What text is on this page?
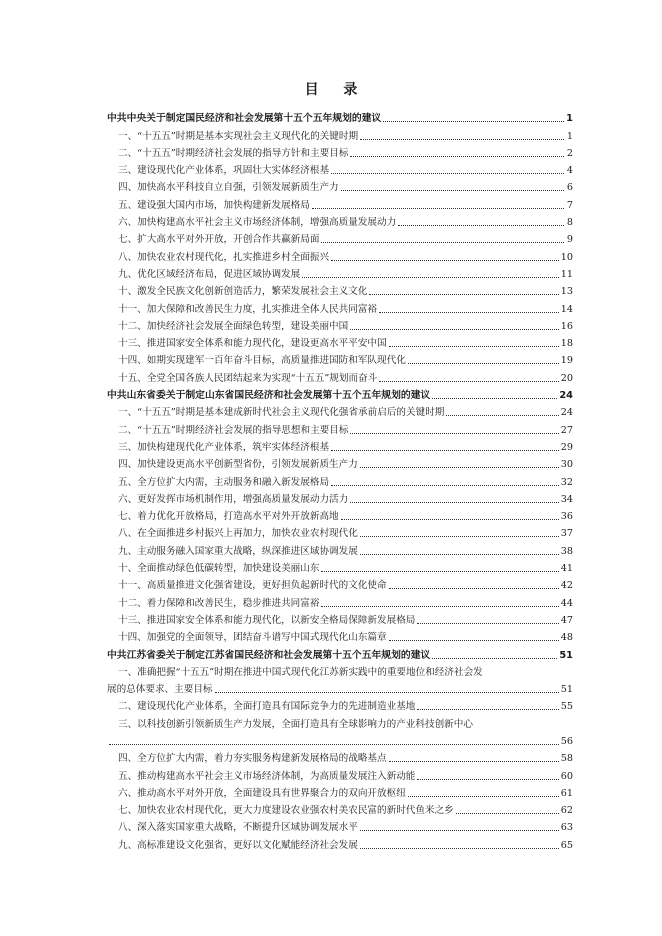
目 录
中共中央关于制定国民经济和社会发展第十五个五年规划的建议	1
一、“十五五”时期是基本实现社会主义现代化的关键时期	1
二、“十五五”时期经济社会发展的指导方针和主要目标	2
三、建设现代化产业体系，巩固壮大实体经济根基	4
四、加快高水平科技自立自强，引领发展新质生产力	6
五、建设强大国内市场，加快构建新发展格局	7
六、加快构建高水平社会主义市场经济体制，增强高质量发展动力	8
七、扩大高水平对外开放，开创合作共赢新局面	9
八、加快农业农村现代化，扎实推进乡村全面振兴	10
九、优化区域经济布局，促进区域协调发展	11
十、激发全民族文化创新创造活力，繁荣发展社会主义文化	13
十一、加大保障和改善民生力度，扎实推进全体人民共同富裕	14
十二、加快经济社会发展全面绿色转型，建设美丽中国	16
十三、推进国家安全体系和能力现代化，建设更高水平平安中国	18
十四、如期实现建军一百年奋斗目标，高质量推进国防和军队现代化	19
十五、全党全国各族人民团结起来为实现“十五五”规划而奋斗	20
中共山东省委关于制定山东省国民经济和社会发展第十五个五年规划的建议	24
一、“十五五”时期是基本建成新时代社会主义现代化强省承前启后的关键时期	24
二、“十五五”时期经济社会发展的指导思想和主要目标	27
三、加快构建现代化产业体系，筑牢实体经济根基	29
四、加快建设更高水平创新型省份，引领发展新质生产力	30
五、全方位扩大内需，主动服务和融入新发展格局	32
六、更好发挥市场机制作用，增强高质量发展动力活力	34
七、着力优化开放格局，打造高水平对外开放新高地	36
八、在全面推进乡村振兴上再加力，加快农业农村现代化	37
九、主动服务融入国家重大战略，纵深推进区域协调发展	38
十、全面推动绿色低碳转型，加快建设美丽山东	41
十一、高质量推进文化强省建设，更好担负起新时代的文化使命	42
十二、着力保障和改善民生，稳步推进共同富裕	44
十三、推进国家安全体系和能力现代化，以新安全格局保障新发展格局	47
十四、加强党的全面领导，团结奋斗谱写中国式现代化山东篇章	48
中共江苏省委关于制定江苏省国民经济和社会发展第十五个五年规划的建议	51
一、准确把握“十五五”时期在推进中国式现代化江苏新实践中的重要地位和经济社会发
展的总体要求、主要目标	51
二、建设现代化产业体系，全面打造具有国际竞争力的先进制造业基地	55
三、以科技创新引领新质生产力发展，全面打造具有全球影响力的产业科技创新中心
56
四、全方位扩大内需，着力夯实服务构建新发展格局的战略基点	58
五、推动构建高水平社会主义市场经济体制，为高质量发展注入新动能	60
六、推动高水平对外开放，全面建设具有世界聚合力的双向开放枢纽	61
七、加快农业农村现代化，更大力度建设农业强农村美农民富的新时代鱼米之乡	62
八、深入落实国家重大战略，不断提升区域协调发展水平	63
九、高标准建设文化强省，更好以文化赋能经济社会发展	65
